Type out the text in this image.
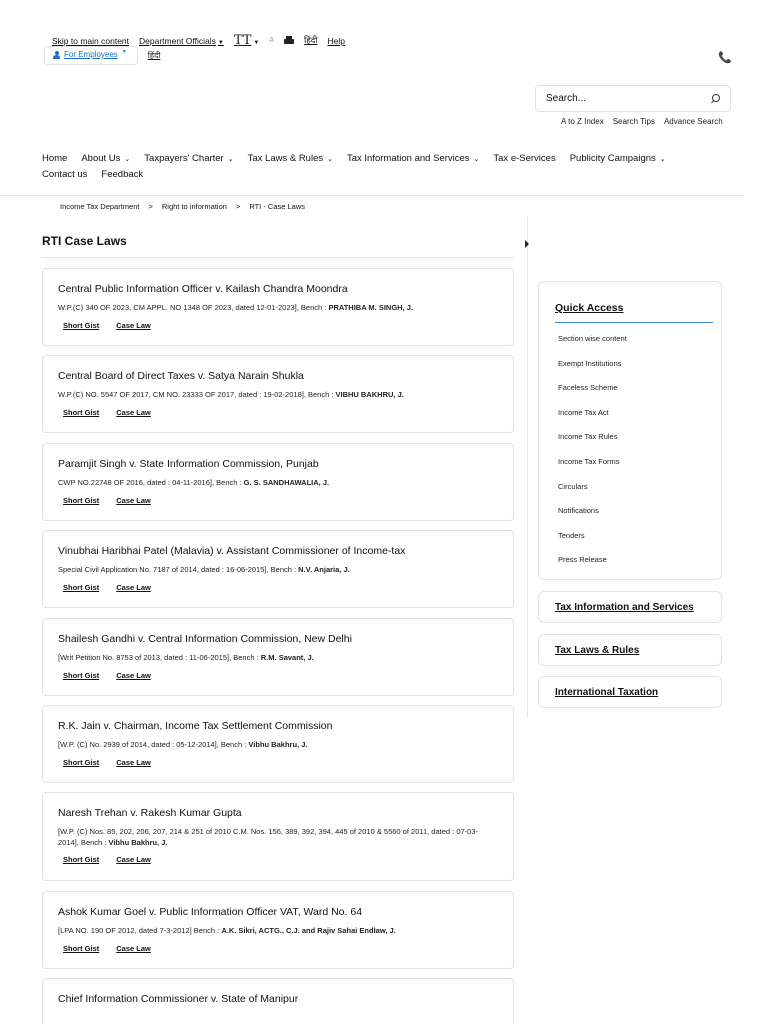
Skip to main content Department Officials ▼ TT ▼ A	हिंदी Help
For Employees ▼	हिंदी	📞
Search...
A to Z Index Search Tips Advance Search
Home About Us ⌄ Taxpayers' Charter ⌄ Tax Laws & Rules ⌄ Tax Information and Services ⌄ Tax e-Services Publicity Campaigns ⌄
Contact us Feedback
Income Tax Department > Right to information > RTI - Case Laws
RTI Case Laws
Central Public Information Officer v. Kailash Chandra Moondra
W.P.(C) 340 OF 2023, CM APPL. NO 1348 OF 2023, dated 12-01-2023], Bench : PRATHIBA M. SINGH, J.
Short Gist Case Law
Central Board of Direct Taxes v. Satya Narain Shukla
W.P.(C) NO. 5547 OF 2017, CM NO. 23333 OF 2017, dated : 19-02-2018], Bench : VIBHU BAKHRU, J.
Short Gist Case Law
Paramjit Singh v. State Information Commission, Punjab
CWP NO.22748 OF 2016, dated : 04-11-2016], Bench : G. S. SANDHAWALIA, J.
Short Gist Case Law
Vinubhai Haribhai Patel (Malavia) v. Assistant Commissioner of Income-tax
Special Civil Application No. 7187 of 2014, dated : 16-06-2015], Bench : N.V. Anjaria, J.
Short Gist Case Law
Shailesh Gandhi v. Central Information Commission, New Delhi
[Writ Petition No. 8753 of 2013, dated : 11-06-2015], Bench : R.M. Savant, J.
Short Gist Case Law
R.K. Jain v. Chairman, Income Tax Settlement Commission
[W.P. (C) No. 2939 of 2014, dated : 05-12-2014], Bench : Vibhu Bakhru, J.
Short Gist Case Law
Naresh Trehan v. Rakesh Kumar Gupta
[W.P. (C) Nos. 85, 202, 206, 207, 214 & 251 of 2010 C.M. Nos. 156, 389, 392, 394, 445 of 2010 & 5560 of 2011, dated : 07-03-2014], Bench : Vibhu Bakhru, J.
Short Gist Case Law
Ashok Kumar Goel v. Public Information Officer VAT, Ward No. 64
[LPA NO. 190 OF 2012, dated 7-3-2012] Bench : A.K. Sikri, ACTG., C.J. and Rajiv Sahai Endlaw, J.
Short Gist Case Law
Chief Information Commissioner v. State of Manipur
Quick Access
Section wise content
Exempt Institutions
Faceless Scheme
Income Tax Act
Income Tax Rules
Income Tax Forms
Circulars
Notifications
Tenders
Press Release
Tax Information and Services
Tax Laws & Rules
International Taxation
